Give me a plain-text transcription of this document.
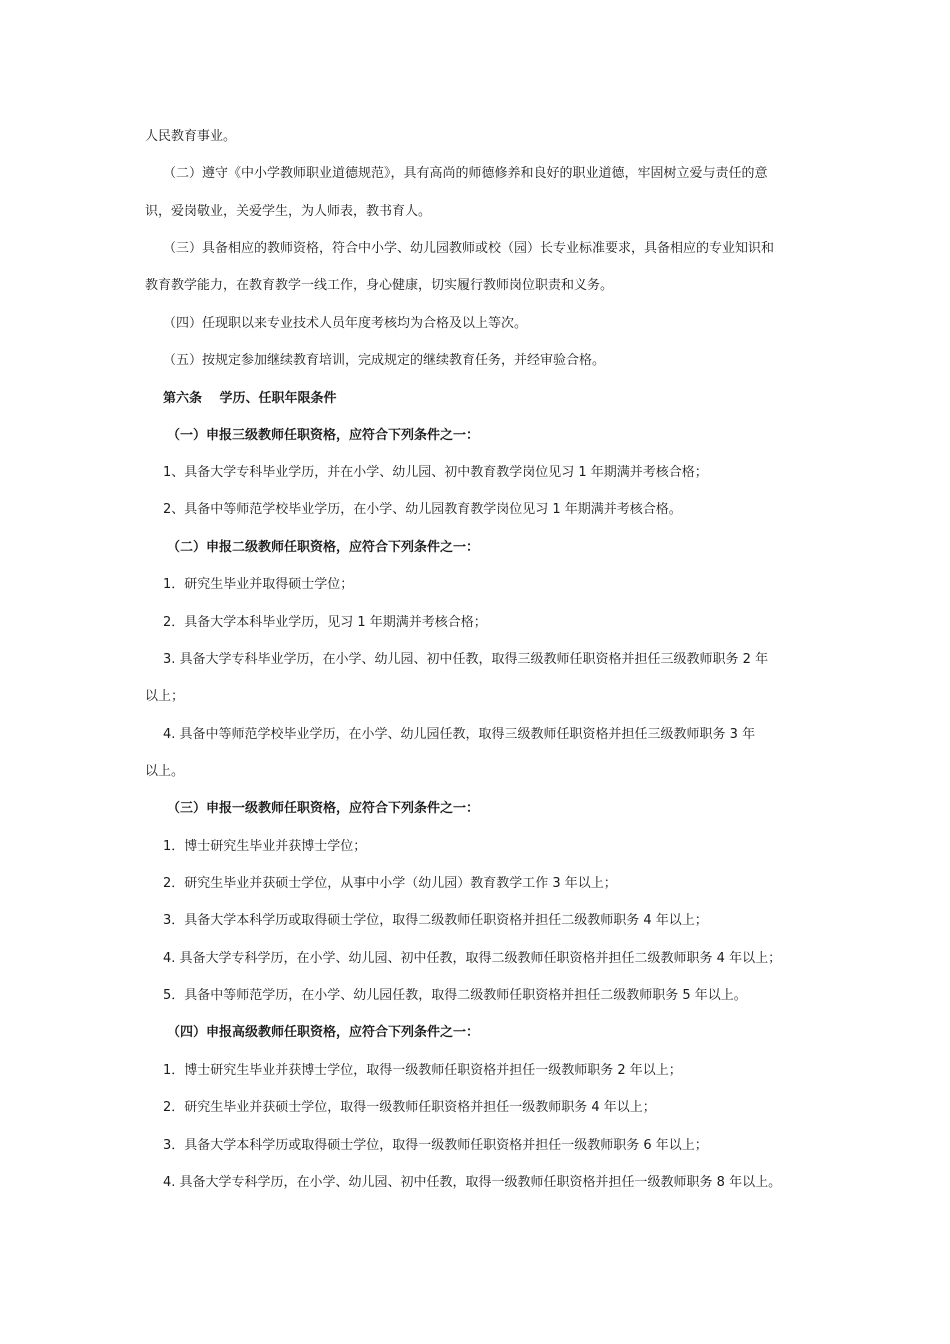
人民教育事业。
（二）遵守《中小学教师职业道德规范》，具有高尚的师德修养和良好的职业道德，牢固树立爱与责任的意
识，爱岗敬业，关爱学生，为人师表，教书育人。
（三）具备相应的教师资格，符合中小学、幼儿园教师或校（园）长专业标准要求，具备相应的专业知识和
教育教学能力，在教育教学一线工作，身心健康，切实履行教师岗位职责和义务。
（四）任现职以来专业技术人员年度考核均为合格及以上等次。
（五）按规定参加继续教育培训，完成规定的继续教育任务，并经审验合格。
第六条　 学历、任职年限条件
（一）申报三级教师任职资格，应符合下列条件之一：
1、具备大学专科毕业学历，并在小学、幼儿园、初中教育教学岗位见习 1 年期满并考核合格；
2、具备中等师范学校毕业学历，在小学、幼儿园教育教学岗位见习 1 年期满并考核合格。
（二）申报二级教师任职资格，应符合下列条件之一：
1．研究生毕业并取得硕士学位；
2．具备大学本科毕业学历，见习 1 年期满并考核合格；
3. 具备大学专科毕业学历，在小学、幼儿园、初中任教，取得三级教师任职资格并担任三级教师职务 2 年
以上；
4. 具备中等师范学校毕业学历，在小学、幼儿园任教，取得三级教师任职资格并担任三级教师职务 3 年
以上。
（三）申报一级教师任职资格，应符合下列条件之一：
1．博士研究生毕业并获博士学位；
2．研究生毕业并获硕士学位，从事中小学（幼儿园）教育教学工作 3 年以上；
3．具备大学本科学历或取得硕士学位，取得二级教师任职资格并担任二级教师职务 4 年以上；
4. 具备大学专科学历，在小学、幼儿园、初中任教，取得二级教师任职资格并担任二级教师职务 4 年以上；
5．具备中等师范学历，在小学、幼儿园任教，取得二级教师任职资格并担任二级教师职务 5 年以上。
（四）申报高级教师任职资格，应符合下列条件之一：
1．博士研究生毕业并获博士学位，取得一级教师任职资格并担任一级教师职务 2 年以上；
2．研究生毕业并获硕士学位，取得一级教师任职资格并担任一级教师职务 4 年以上；
3．具备大学本科学历或取得硕士学位，取得一级教师任职资格并担任一级教师职务 6 年以上；
4. 具备大学专科学历，在小学、幼儿园、初中任教，取得一级教师任职资格并担任一级教师职务 8 年以上。
